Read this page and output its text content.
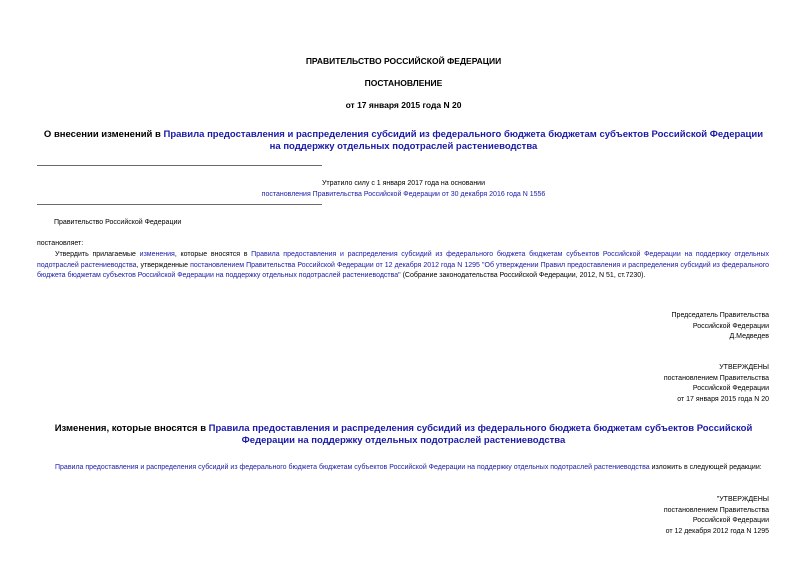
ПРАВИТЕЛЬСТВО РОССИЙСКОЙ ФЕДЕРАЦИИ
ПОСТАНОВЛЕНИЕ
от 17 января 2015 года N 20
О внесении изменений в Правила предоставления и распределения субсидий из федерального бюджета бюджетам субъектов Российской Федерации на поддержку отдельных подотраслей растениеводства
Утратило силу с 1 января 2017 года на основании
постановления Правительства Российской Федерации от 30 декабря 2016 года N 1556
Правительство Российской Федерации
постановляет:
Утвердить прилагаемые изменения, которые вносятся в Правила предоставления и распределения субсидий из федерального бюджета бюджетам субъектов Российской Федерации на поддержку отдельных подотраслей растениеводства, утвержденные постановлением Правительства Российской Федерации от 12 декабря 2012 года N 1295 "Об утверждении Правил предоставления и распределения субсидий из федерального бюджета бюджетам субъектов Российской Федерации на поддержку отдельных подотраслей растениеводства" (Собрание законодательства Российской Федерации, 2012, N 51, ст.7230).
Председатель Правительства
Российской Федерации
Д.Медведев
УТВЕРЖДЕНЫ
постановлением Правительства
Российской Федерации
от 17 января 2015 года N 20
Изменения, которые вносятся в Правила предоставления и распределения субсидий из федерального бюджета бюджетам субъектов Российской Федерации на поддержку отдельных подотраслей растениеводства
Правила предоставления и распределения субсидий из федерального бюджета бюджетам субъектов Российской Федерации на поддержку отдельных подотраслей растениеводства изложить в следующей редакции:
"УТВЕРЖДЕНЫ
постановлением Правительства
Российской Федерации
от 12 декабря 2012 года N 1295
